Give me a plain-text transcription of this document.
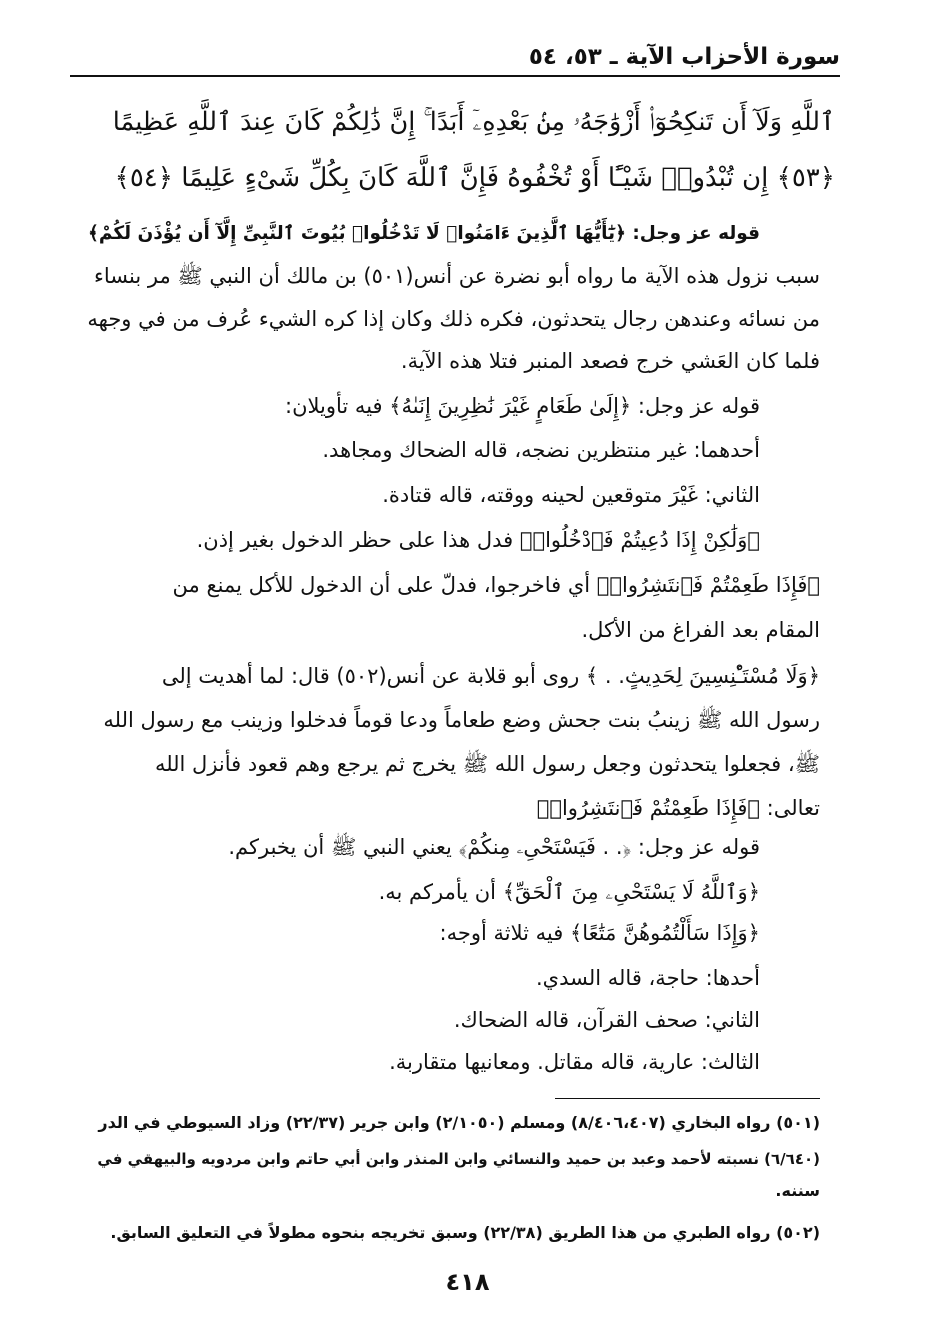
سورة الأحزاب الآية ـ ٥٣، ٥٤
ٱللَّهِ وَلَآ أَن تَنكِحُوٓا۟ أَزْوَٰجَهُۥ مِنۢ بَعْدِهِۦٓ أَبَدًا ۚ إِنَّ ذَٰلِكُمْ كَانَ عِندَ ٱللَّهِ عَظِيمًا
﴿٥٣﴾ إِن تُبْدُوا۟ شَيْـًٔا أَوْ تُخْفُوهُ فَإِنَّ ٱللَّهَ كَانَ بِكُلِّ شَىْءٍ عَلِيمًا ﴿٥٤﴾
قوله عز وجل: ﴿يَٰٓأَيُّهَا ٱلَّذِينَ ءَامَنُوا۟ لَا تَدْخُلُوا۟ بُيُوتَ ٱلنَّبِىِّ إِلَّآ أَن يُؤْذَنَ لَكُمْ﴾
سبب نزول هذه الآية ما رواه أبو نضرة عن أنس(٥٠١) بن مالك أن النبي ﷺ مر بنساء
من نسائه وعندهن رجال يتحدثون، فكره ذلك وكان إذا كره الشيء عُرف من في وجهه
فلما كان العَشي خرج فصعد المنبر فتلا هذه الآية.
قوله عز وجل: ﴿إِلَىٰ طَعَامٍ غَيْرَ نَٰظِرِينَ إِنَىٰهُ﴾ فيه تأويلان:
أحدهما: غير منتظرين نضجه، قاله الضحاك ومجاهد.
الثاني: غَيْرَ متوقعين لحينه ووقته، قاله قتادة.
﴿وَلَٰكِنْ إِذَا دُعِيتُمْ فَٱدْخُلُوا۟﴾ فدل هذا على حظر الدخول بغير إذن.
﴿فَإِذَا طَعِمْتُمْ فَٱنتَشِرُوا۟﴾ أي فاخرجوا، فدلّ على أن الدخول للأكل يمنع من
المقام بعد الفراغ من الأكل.
﴿وَلَا مُسْتَـْٔنِسِينَ لِحَدِيثٍ. . ﴾ روى أبو قلابة عن أنس(٥٠٢) قال: لما أهديت إلى
رسول الله ﷺ زينبُ بنت جحش وضع طعاماً ودعا قوماً فدخلوا وزينب مع رسول الله
ﷺ، فجعلوا يتحدثون وجعل رسول الله ﷺ يخرج ثم يرجع وهم قعود فأنزل الله
تعالى: ﴿فَإِذَا طَعِمْتُمْ فَٱنتَشِرُوا۟﴾
قوله عز وجل: ﴿. . فَيَسْتَحْىِۦ مِنكُمْ﴾ يعني النبي ﷺ أن يخبركم.
﴿وَٱللَّهُ لَا يَسْتَحْىِۦ مِنَ ٱلْحَقِّ﴾ أن يأمركم به.
﴿وَإِذَا سَأَلْتُمُوهُنَّ مَتَٰعًا﴾ فيه ثلاثة أوجه:
أحدها: حاجة، قاله السدي.
الثاني: صحف القرآن، قاله الضحاك.
الثالث: عارية، قاله مقاتل. ومعانيها متقاربة.
(٥٠١) رواه البخاري (٨/٤٠٦،٤٠٧) ومسلم (٢/١٠٥٠) وابن جرير (٢٢/٣٧) وزاد السيوطي في الدر
(٦/٦٤٠) نسبته لأحمد وعبد بن حميد والنسائي وابن المنذر وابن أبي حاتم وابن مردويه والبيهقي في
سننه.
(٥٠٢) رواه الطبري من هذا الطريق (٢٢/٣٨) وسبق تخريجه بنحوه مطولاً في التعليق السابق.
٤١٨
